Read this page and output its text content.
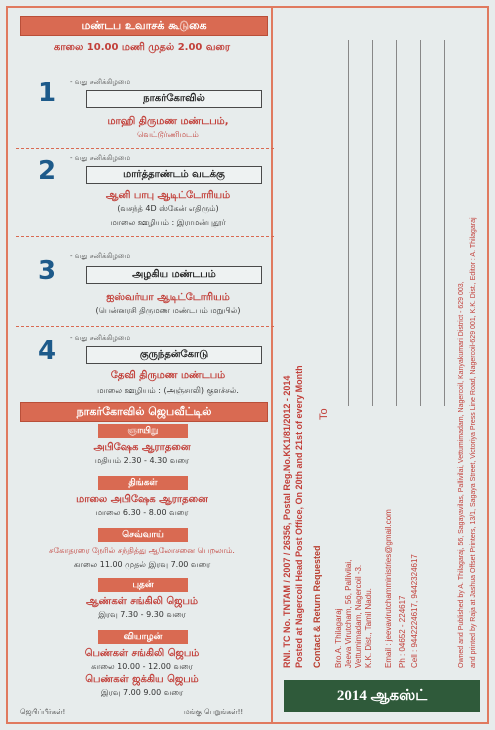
மண்டப உவாசக் கூடுகை
காலை 10.00 மணி முதல் 2.00 வரை
1 - வது சனிக்கிழமை
நாகர்கோவில்
மாஹி திருமண மண்டபம்,
வெட்டூர்ணிமடம்
2 - வது சனிக்கிழமை
மார்த்தாண்டம் வடக்கு
ஆனி பாபு ஆடிட்டோரியம்
(வசந்த் 4D ஸ்கேன் எதிரும்)
மாலை ஊழியம் : இராமன்புதூர்
3 - வது சனிக்கிழமை
அழகிய மண்டபம்
ஐஸ்வர்யா ஆடிட்டோரியம்
(பென்னரசி திருமண மண்டபம் மறுபில்)
4 - வது சனிக்கிழமை
குருந்தன்கோடு
தேவி திருமண மண்டபம்
மாலை ஊழியம் : (அஞ்சாலி) குளச்சல்.
நாகர்கோவில் ஜெபவீட்டில்
ஞாயிறு
அபிஷேக ஆராதனை
மதியம் 2.30 - 4.30 வரை
திங்கள்
மாலை அபிஷேக ஆராதனை
மாலை 6.30 - 8.00 வரை
செவ்வாய்
சகோதரரை நேரில் சந்தித்து ஆலோசனை பெறலாம்.
காலை 11.00 முதல் இரவு 7.00 வரை
புதன்
ஆண்கள் சங்கிலி ஜெபம்
இரவு 7.30 - 9.30 வரை
வியாழன்
பெண்கள் சங்கிலி ஜெபம்
காலை 10.00 - 12.00 வரை
பெண்கள் ஜக்கிய ஜெபம்
இரவு 7.00 9.00 வரை
ஜெபிப்பீர்கள்!	மங்கு பெறுங்கள்!!
To
RNI. TC No. TNTAM / 2007 / 26356, Postal Reg.No.KK1/81/2012 - 2014 Posted at Nagercoil Head Post Office, On 20th and 21st of every Month Contact & Return Requested Bro.A. Thilagaraj Jeeva Virutcham, 56, Pallivilai, Vettumimadam, Nagercoil -3. K.K. Dist., Tamil Nadu. Email : jeevavirutchamministries@gmail.com Ph : 04652 - 224617 Cell : 9442224617, 9442324617	Owned and Published by A. Thilagaraj, 56, Sagayavilas, Pallivilai, Vettumimadam, Nagercoil, Kanyakumari District - 629 003, and printed by Raja at Jashua Offset Printers, 13/1, Sagaya Street, Victoriya Press Line Road, Nagercoil-629 001, K.K. Dist., Editor : A. Thilagaraj
2014 ஆகஸ்ட்
